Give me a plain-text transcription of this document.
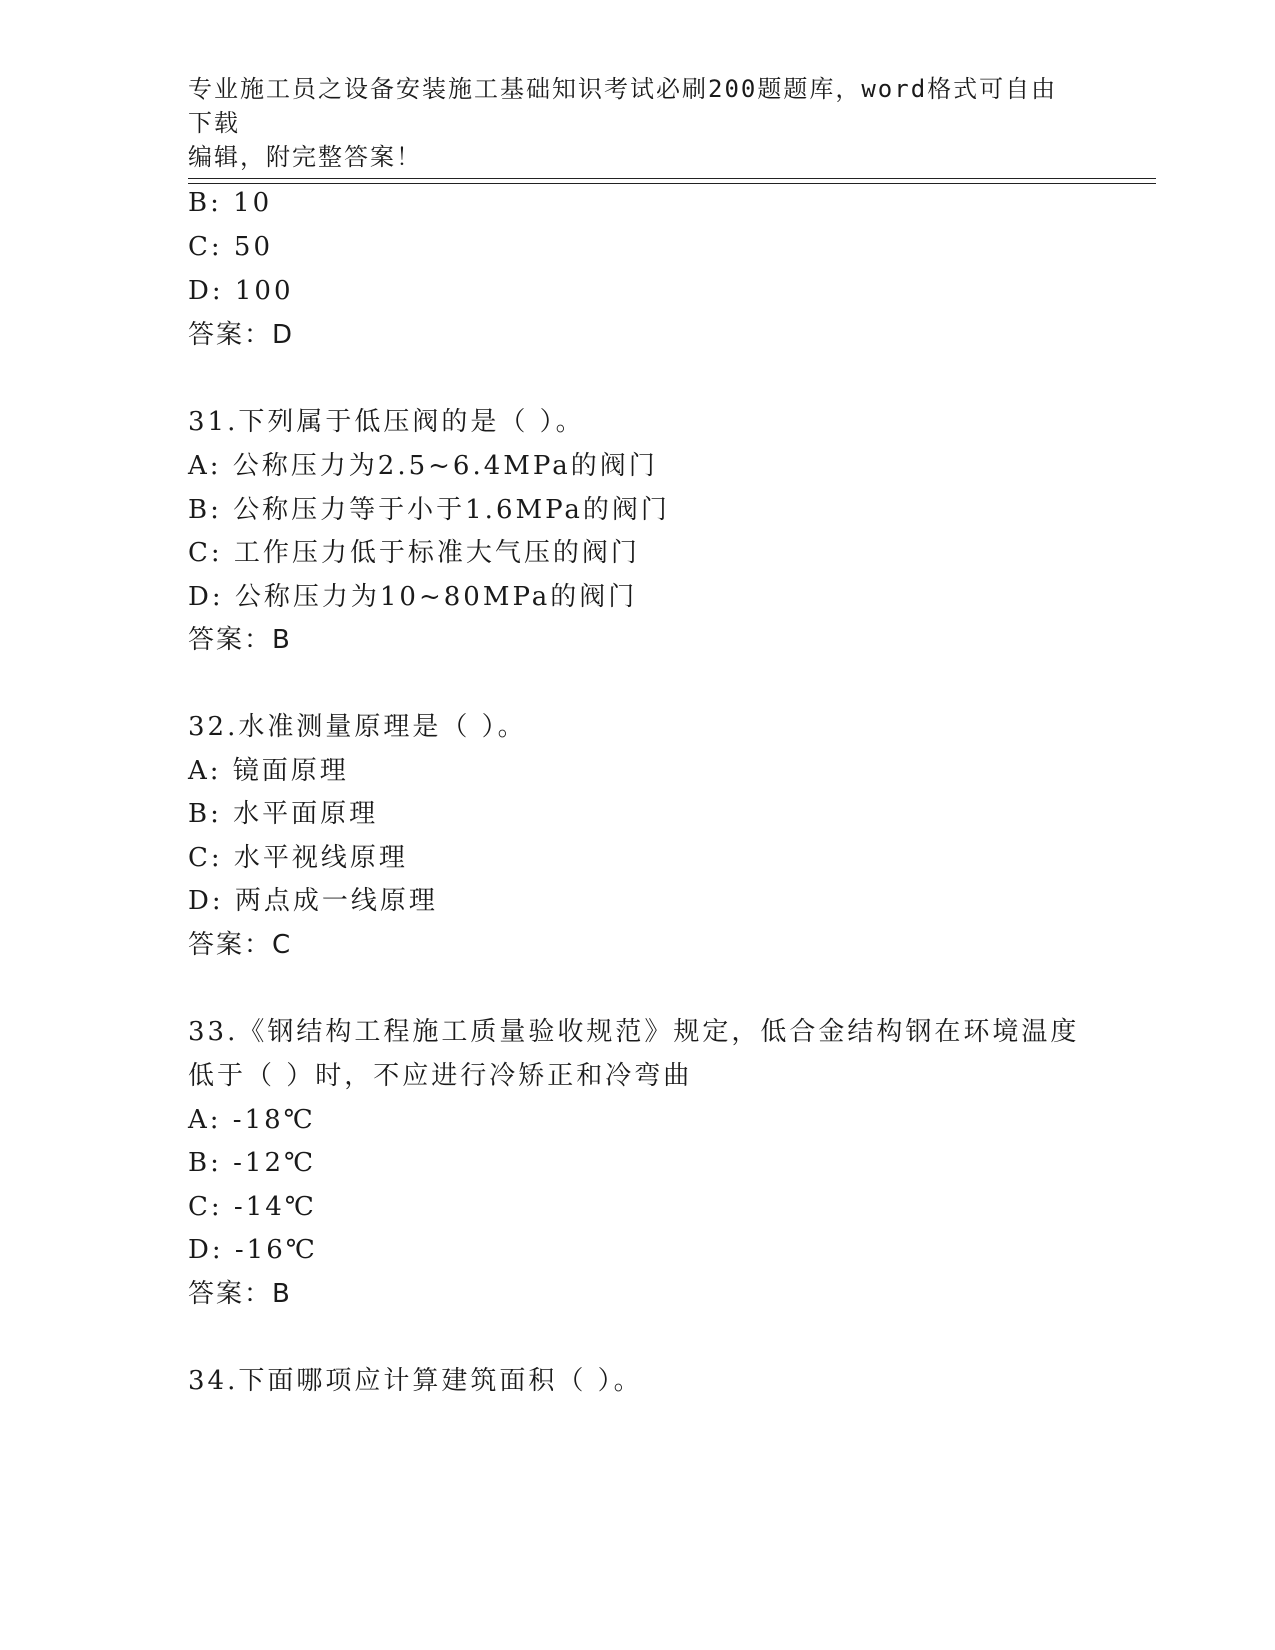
专业施工员之设备安装施工基础知识考试必刷200题题库，word格式可自由下载
编辑，附完整答案！
B: 10
C: 50
D: 100
答案：D
31.下列属于低压阀的是（ ）。
A: 公称压力为2.5~6.4MPa的阀门
B: 公称压力等于小于1.6MPa的阀门
C: 工作压力低于标准大气压的阀门
D: 公称压力为10~80MPa的阀门
答案：B
32.水准测量原理是（ ）。
A: 镜面原理
B: 水平面原理
C: 水平视线原理
D: 两点成一线原理
答案：C
33.《钢结构工程施工质量验收规范》规定，低合金结构钢在环境温度
低于（ ）时，不应进行冷矫正和冷弯曲
A: -18℃
B: -12℃
C: -14℃
D: -16℃
答案：B
34.下面哪项应计算建筑面积（ ）。
